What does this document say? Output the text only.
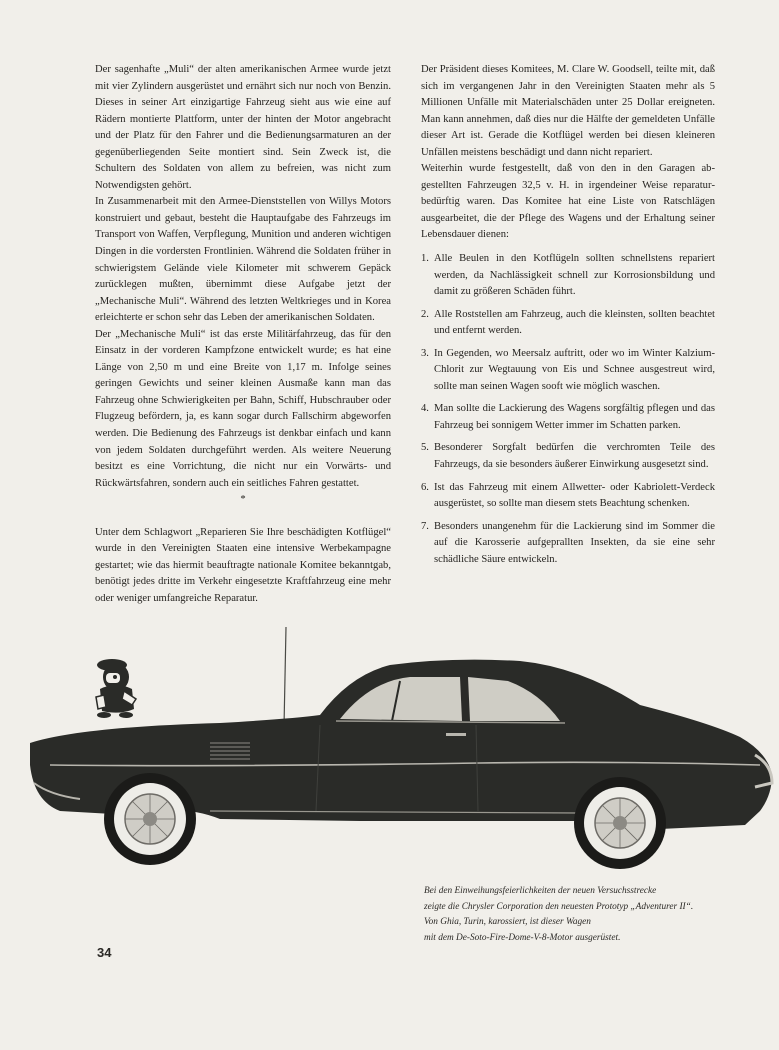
Der sagenhafte „Muli“ der alten amerikanischen Armee wurde jetzt mit vier Zylindern ausgerüstet und ernährt sich nur noch von Benzin. Dieses in seiner Art einzigartige Fahrzeug sieht aus wie eine auf Rädern montierte Plattform, unter der hinten der Motor angebracht und der Platz für den Fahrer und die Bedienungsarmaturen an der gegenüberliegenden Seite montiert sind. Sein Zweck ist, die Schultern des Soldaten von allem zu befreien, was nicht zum Notwendigsten gehört.

In Zusammenarbeit mit den Armee-Dienststellen von Willys Motors konstruiert und gebaut, besteht die Hauptaufgabe des Fahrzeugs im Transport von Waffen, Verpflegung, Munition und anderen wichtigen Dingen in die vordersten Frontlinien. Während die Soldaten früher in schwierigstem Gelände viele Kilometer mit schwerem Gepäck zurücklegen mußten, übernimmt diese Aufgabe jetzt der „Mechanische Muli“. Während des letzten Weltkrieges und in Korea erleichterte er schon sehr das Leben der amerikanischen Soldaten.

Der „Mechanische Muli“ ist das erste Militärfahrzeug, das für den Einsatz in der vorderen Kampfzone entwickelt wurde; es hat eine Länge von 2,50 m und eine Breite von 1,17 m. Infolge seines geringen Gewichts und seiner kleinen Ausmaße kann man das Fahrzeug ohne Schwierigkeiten per Bahn, Schiff, Hubschrauber oder Flugzeug befördern, ja, es kann sogar durch Fallschirm abgeworfen werden. Die Bedienung des Fahrzeugs ist denkbar einfach und kann von jedem Soldaten durchgeführt werden. Als weitere Neuerung besitzt es eine Vorrichtung, die nicht nur ein Vorwärts- und Rückwärtsfahren, sondern auch ein seitliches Fahren gestattet.

*

Unter dem Schlagwort „Reparieren Sie Ihre beschädigten Kotflügel“ wurde in den Vereinigten Staaten eine intensive Werbekampagne gestartet; wie das hiermit beauftragte nationale Komitee bekanntgab, benötigt jedes dritte im Verkehr eingesetzte Kraftfahrzeug eine mehr oder weniger umfangreiche Reparatur.

Der Präsident dieses Komitees, M. Clare W. Goodsell, teilte mit, daß sich im vergangenen Jahr in den Vereinigten Staaten mehr als 5 Millionen Unfälle mit Materialschäden unter 25 Dollar ereigneten. Man kann annehmen, daß dies nur die Hälfte der gemeldeten Unfälle dieser Art ist. Gerade die Kotflügel werden bei diesen kleineren Unfällen meistens beschädigt und dann nicht repariert.

Weiterhin wurde festgestellt, daß von den in den Garagen abgestellten Fahrzeugen 32,5 v. H. in irgendeiner Weise reparaturbedürftig waren. Das Komitee hat eine Liste von Ratschlägen ausgearbeitet, die der Pflege des Wagens und der Erhaltung seiner Lebensdauer dienen:

1. Alle Beulen in den Kotflügeln sollten schnellstens repariert werden, da Nachlässigkeit schnell zur Korrosionsbildung und damit zu größeren Schäden führt.
2. Alle Roststellen am Fahrzeug, auch die kleinsten, sollten beachtet und entfernt werden.
3. In Gegenden, wo Meersalz auftritt, oder wo im Winter Kalzium-Chlorit zur Wegtauung von Eis und Schnee ausgestreut wird, sollte man seinen Wagen sooft wie möglich waschen.
4. Man sollte die Lackierung des Wagens sorgfältig pflegen und das Fahrzeug bei sonnigem Wetter immer im Schatten parken.
5. Besonderer Sorgfalt bedürfen die verchromten Teile des Fahrzeugs, da sie besonders äußerer Einwirkung ausgesetzt sind.
6. Ist das Fahrzeug mit einem Allwetter- oder Kabriolett-Verdeck ausgerüstet, so sollte man diesem stets Beachtung schenken.
7. Besonders unangenehm für die Lackierung sind im Sommer die auf die Karosserie aufgeprallten Insekten, da sie eine sehr schädliche Säure entwickeln.

Bei den Einweihungsfeierlichkeiten der neuen Versuchsstrecke

zeigte die Chrysler Corporation den neuesten Prototyp „Adventurer II“.

Von Ghia, Turin, karossiert, ist dieser Wagen

mit dem De-Soto-Fire-Dome-V-8-Motor ausgerüstet.

34
